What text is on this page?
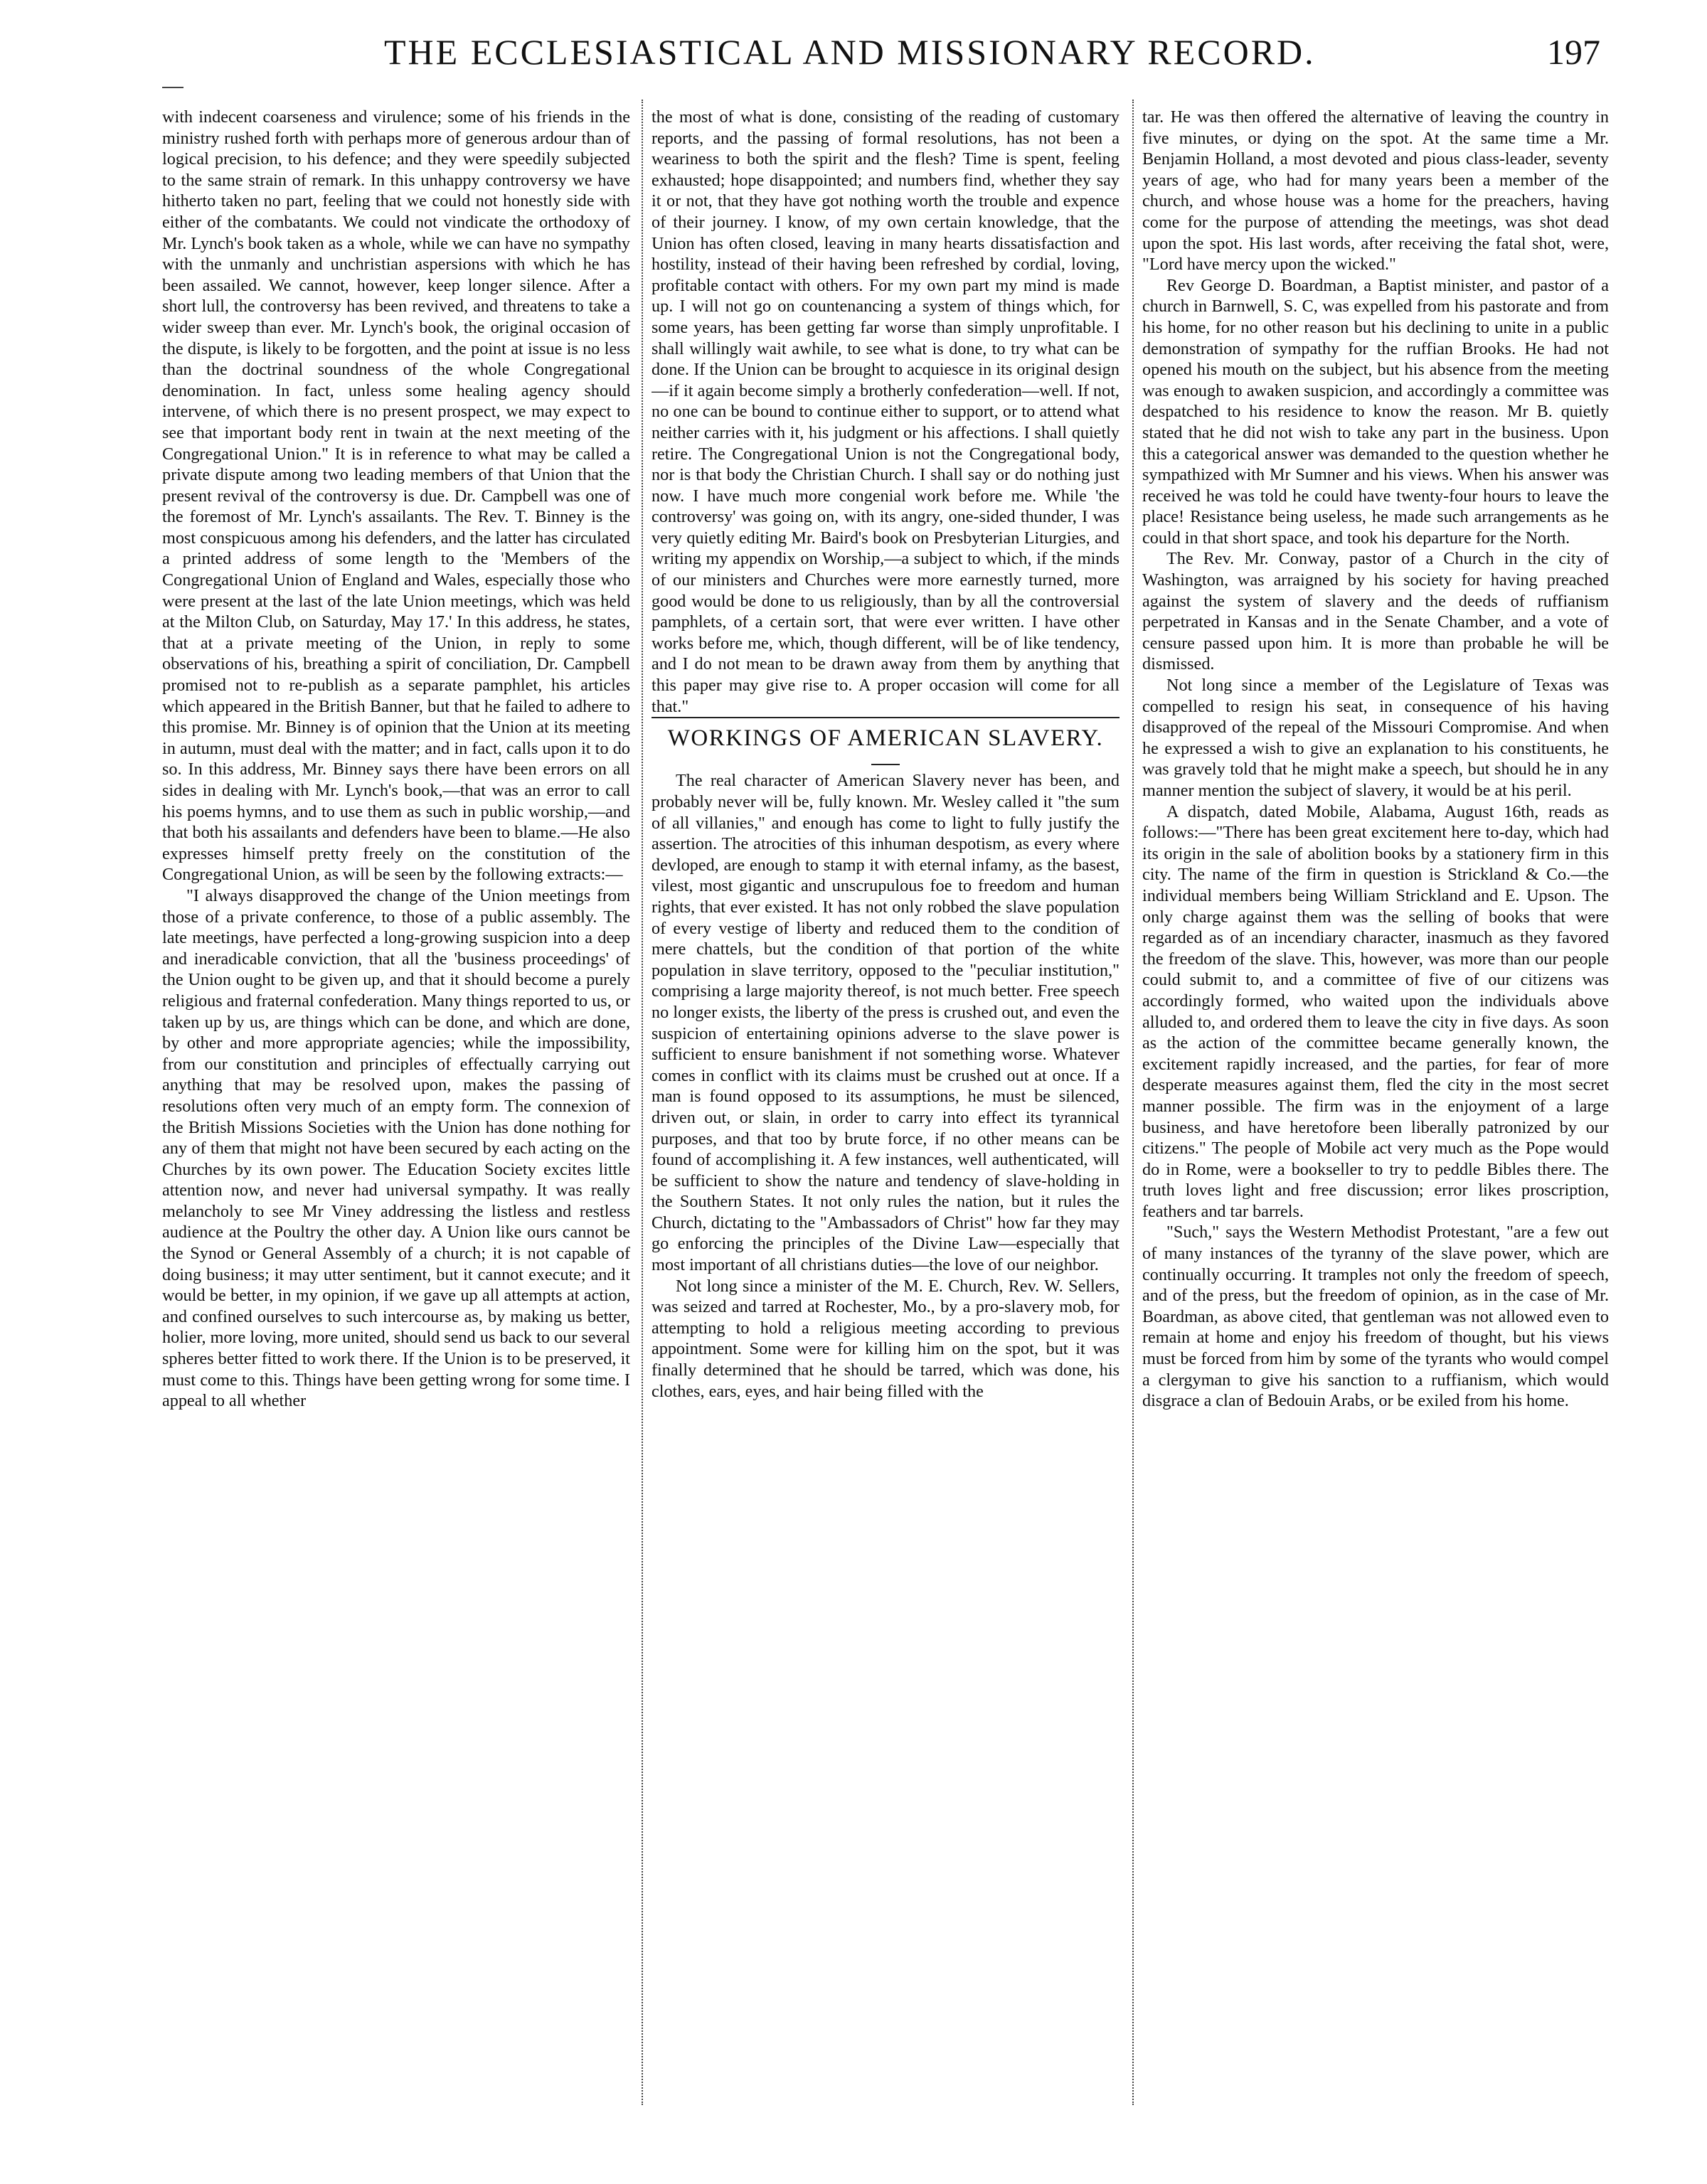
THE ECCLESIASTICAL AND MISSIONARY RECORD.	197

with indecent coarseness and virulence; some of his friends in the ministry rushed forth with perhaps more of generous ardour than of logical precision, to his defence; and they were speedily subjected to the same strain of remark. In this unhappy controversy we have hitherto taken no part, feeling that we could not honestly side with either of the combatants. We could not vindicate the orthodoxy of Mr. Lynch's book taken as a whole, while we can have no sympathy with the unmanly and unchristian aspersions with which he has been assailed. We cannot, however, keep longer silence. After a short lull, the controversy has been revived, and threatens to take a wider sweep than ever. Mr. Lynch's book, the original occasion of the dispute, is likely to be forgotten, and the point at issue is no less than the doctrinal soundness of the whole Congregational denomination. In fact, unless some healing agency should intervene, of which there is no present prospect, we may expect to see that important body rent in twain at the next meeting of the Congregational Union." It is in reference to what may be called a private dispute among two leading members of that Union that the present revival of the controversy is due. Dr. Campbell was one of the foremost of Mr. Lynch's assailants. The Rev. T. Binney is the most conspicuous among his defenders, and the latter has circulated a printed address of some length to the 'Members of the Congregational Union of England and Wales, especially those who were present at the last of the late Union meetings, which was held at the Milton Club, on Saturday, May 17.' In this address, he states, that at a private meeting of the Union, in reply to some observations of his, breathing a spirit of conciliation, Dr. Campbell promised not to re-publish as a separate pamphlet, his articles which appeared in the British Banner, but that he failed to adhere to this promise. Mr. Binney is of opinion that the Union at its meeting in autumn, must deal with the matter; and in fact, calls upon it to do so. In this address, Mr. Binney says there have been errors on all sides in dealing with Mr. Lynch's book,—that was an error to call his poems hymns, and to use them as such in public worship,—and that both his assailants and defenders have been to blame.—He also expresses himself pretty freely on the constitution of the Congregational Union, as will be seen by the following extracts:—

"I always disapproved the change of the Union meetings from those of a private conference, to those of a public assembly. The late meetings, have perfected a long-growing suspicion into a deep and ineradicable conviction, that all the 'business proceedings' of the Union ought to be given up, and that it should become a purely religious and fraternal confederation. Many things reported to us, or taken up by us, are things which can be done, and which are done, by other and more appropriate agencies; while the impossibility, from our constitution and principles of effectually carrying out anything that may be resolved upon, makes the passing of resolutions often very much of an empty form. The connexion of the British Missions Societies with the Union has done nothing for any of them that might not have been secured by each acting on the Churches by its own power. The Education Society excites little attention now, and never had universal sympathy. It was really melancholy to see Mr Viney addressing the listless and restless audience at the Poultry the other day. A Union like ours cannot be the Synod or General Assembly of a church; it is not capable of doing business; it may utter sentiment, but it cannot execute; and it would be better, in my opinion, if we gave up all attempts at action, and confined ourselves to such intercourse as, by making us better, holier, more loving, more united, should send us back to our several spheres better fitted to work there. If the Union is to be preserved, it must come to this. Things have been getting wrong for some time. I appeal to all whether

the most of what is done, consisting of the reading of customary reports, and the passing of formal resolutions, has not been a weariness to both the spirit and the flesh? Time is spent, feeling exhausted; hope disappointed; and numbers find, whether they say it or not, that they have got nothing worth the trouble and expence of their journey. I know, of my own certain knowledge, that the Union has often closed, leaving in many hearts dissatisfaction and hostility, instead of their having been refreshed by cordial, loving, profitable contact with others. For my own part my mind is made up. I will not go on countenancing a system of things which, for some years, has been getting far worse than simply unprofitable. I shall willingly wait awhile, to see what is done, to try what can be done. If the Union can be brought to acquiesce in its original design—if it again become simply a brotherly confederation—well. If not, no one can be bound to continue either to support, or to attend what neither carries with it, his judgment or his affections. I shall quietly retire. The Congregational Union is not the Congregational body, nor is that body the Christian Church. I shall say or do nothing just now. I have much more congenial work before me. While 'the controversy' was going on, with its angry, one-sided thunder, I was very quietly editing Mr. Baird's book on Presbyterian Liturgies, and writing my appendix on Worship,—a subject to which, if the minds of our ministers and Churches were more earnestly turned, more good would be done to us religiously, than by all the controversial pamphlets, of a certain sort, that were ever written. I have other works before me, which, though different, will be of like tendency, and I do not mean to be drawn away from them by anything that this paper may give rise to. A proper occasion will come for all that."

WORKINGS OF AMERICAN SLAVERY.

The real character of American Slavery never has been, and probably never will be, fully known. Mr. Wesley called it "the sum of all villanies," and enough has come to light to fully justify the assertion. The atrocities of this inhuman despotism, as every where devloped, are enough to stamp it with eternal infamy, as the basest, vilest, most gigantic and unscrupulous foe to freedom and human rights, that ever existed. It has not only robbed the slave population of every vestige of liberty and reduced them to the condition of mere chattels, but the condition of that portion of the white population in slave territory, opposed to the "peculiar institution," comprising a large majority thereof, is not much better. Free speech no longer exists, the liberty of the press is crushed out, and even the suspicion of entertaining opinions adverse to the slave power is sufficient to ensure banishment if not something worse. Whatever comes in conflict with its claims must be crushed out at once. If a man is found opposed to its assumptions, he must be silenced, driven out, or slain, in order to carry into effect its tyrannical purposes, and that too by brute force, if no other means can be found of accomplishing it. A few instances, well authenticated, will be sufficient to show the nature and tendency of slave-holding in the Southern States. It not only rules the nation, but it rules the Church, dictating to the "Ambassadors of Christ" how far they may go enforcing the principles of the Divine Law—especially that most important of all christians duties—the love of our neighbor.

Not long since a minister of the M. E. Church, Rev. W. Sellers, was seized and tarred at Rochester, Mo., by a pro-slavery mob, for attempting to hold a religious meeting according to previous appointment. Some were for killing him on the spot, but it was finally determined that he should be tarred, which was done, his clothes, ears, eyes, and hair being filled with the

tar. He was then offered the alternative of leaving the country in five minutes, or dying on the spot. At the same time a Mr. Benjamin Holland, a most devoted and pious class-leader, seventy years of age, who had for many years been a member of the church, and whose house was a home for the preachers, having come for the purpose of attending the meetings, was shot dead upon the spot. His last words, after receiving the fatal shot, were, "Lord have mercy upon the wicked."

Rev George D. Boardman, a Baptist minister, and pastor of a church in Barnwell, S. C, was expelled from his pastorate and from his home, for no other reason but his declining to unite in a public demonstration of sympathy for the ruffian Brooks. He had not opened his mouth on the subject, but his absence from the meeting was enough to awaken suspicion, and accordingly a committee was despatched to his residence to know the reason. Mr B. quietly stated that he did not wish to take any part in the business. Upon this a categorical answer was demanded to the question whether he sympathized with Mr Sumner and his views. When his answer was received he was told he could have twenty-four hours to leave the place! Resistance being useless, he made such arrangements as he could in that short space, and took his departure for the North.

The Rev. Mr. Conway, pastor of a Church in the city of Washington, was arraigned by his society for having preached against the system of slavery and the deeds of ruffianism perpetrated in Kansas and in the Senate Chamber, and a vote of censure passed upon him. It is more than probable he will be dismissed.

Not long since a member of the Legislature of Texas was compelled to resign his seat, in consequence of his having disapproved of the repeal of the Missouri Compromise. And when he expressed a wish to give an explanation to his constituents, he was gravely told that he might make a speech, but should he in any manner mention the subject of slavery, it would be at his peril.

A dispatch, dated Mobile, Alabama, August 16th, reads as follows:—"There has been great excitement here to-day, which had its origin in the sale of abolition books by a stationery firm in this city. The name of the firm in question is Strickland & Co.—the individual members being William Strickland and E. Upson. The only charge against them was the selling of books that were regarded as of an incendiary character, inasmuch as they favored the freedom of the slave. This, however, was more than our people could submit to, and a committee of five of our citizens was accordingly formed, who waited upon the individuals above alluded to, and ordered them to leave the city in five days. As soon as the action of the committee became generally known, the excitement rapidly increased, and the parties, for fear of more desperate measures against them, fled the city in the most secret manner possible. The firm was in the enjoyment of a large business, and have heretofore been liberally patronized by our citizens." The people of Mobile act very much as the Pope would do in Rome, were a bookseller to try to peddle Bibles there. The truth loves light and free discussion; error likes proscription, feathers and tar barrels.

"Such," says the Western Methodist Protestant, "are a few out of many instances of the tyranny of the slave power, which are continually occurring. It tramples not only the freedom of speech, and of the press, but the freedom of opinion, as in the case of Mr. Boardman, as above cited, that gentleman was not allowed even to remain at home and enjoy his freedom of thought, but his views must be forced from him by some of the tyrants who would compel a clergyman to give his sanction to a ruffianism, which would disgrace a clan of Bedouin Arabs, or be exiled from his home.
